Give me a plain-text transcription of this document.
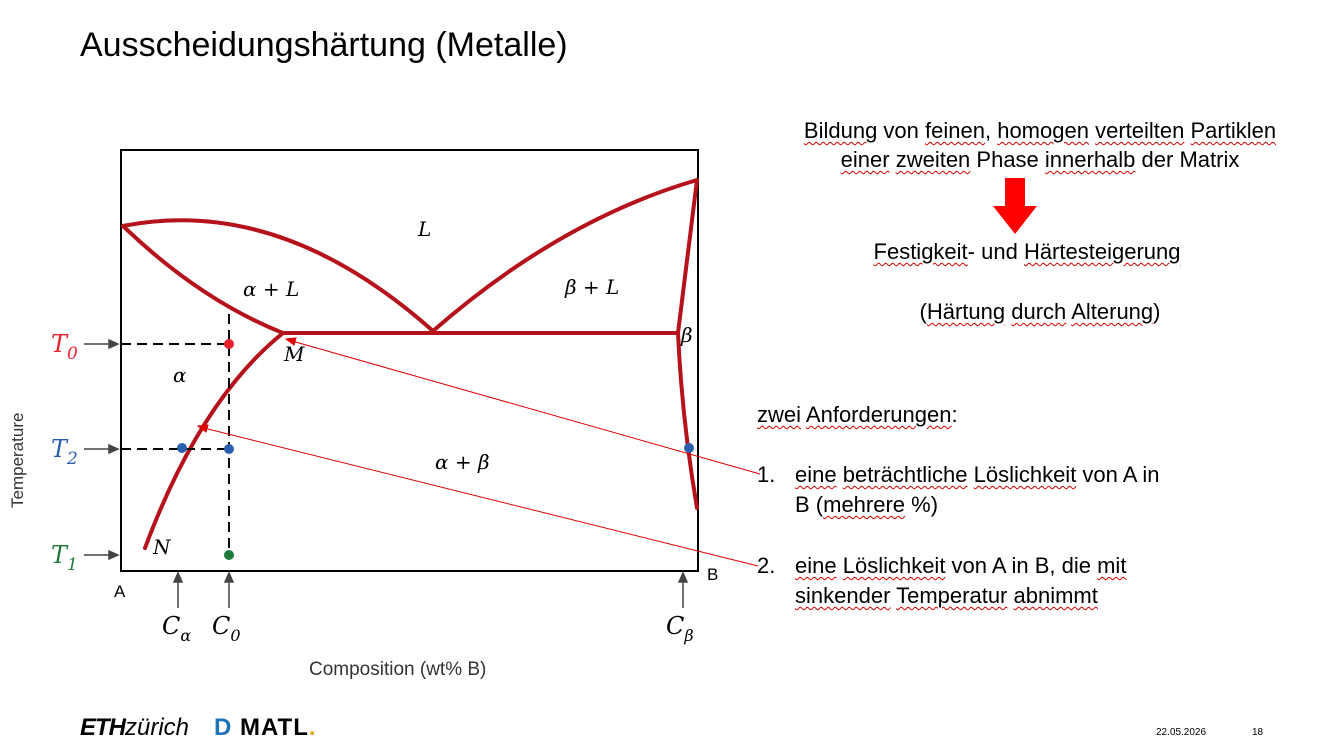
Ausscheidungshärtung (Metalle)
L
α + L	β + L
α
β
α + β
M
N
$T_0$
$T_2$
$T_1$
$C_\alpha$ $C_0$	$C_\beta$
A
B
Temperature
Composition (wt% B)
Bildung von feinen, homogen verteilten Partiklen
einer zweiten Phase innerhalb der Matrix
Festigkeit- und Härtesteigerung
(Härtung durch Alterung)
zwei Anforderungen:
1. eine beträchtliche Löslichkeit von A in
B (mehrere %)
2. eine Löslichkeit von A in B, die mit
sinkender Temperatur abnimmt
ETHzürich D MATL.	22.05.2026	18
